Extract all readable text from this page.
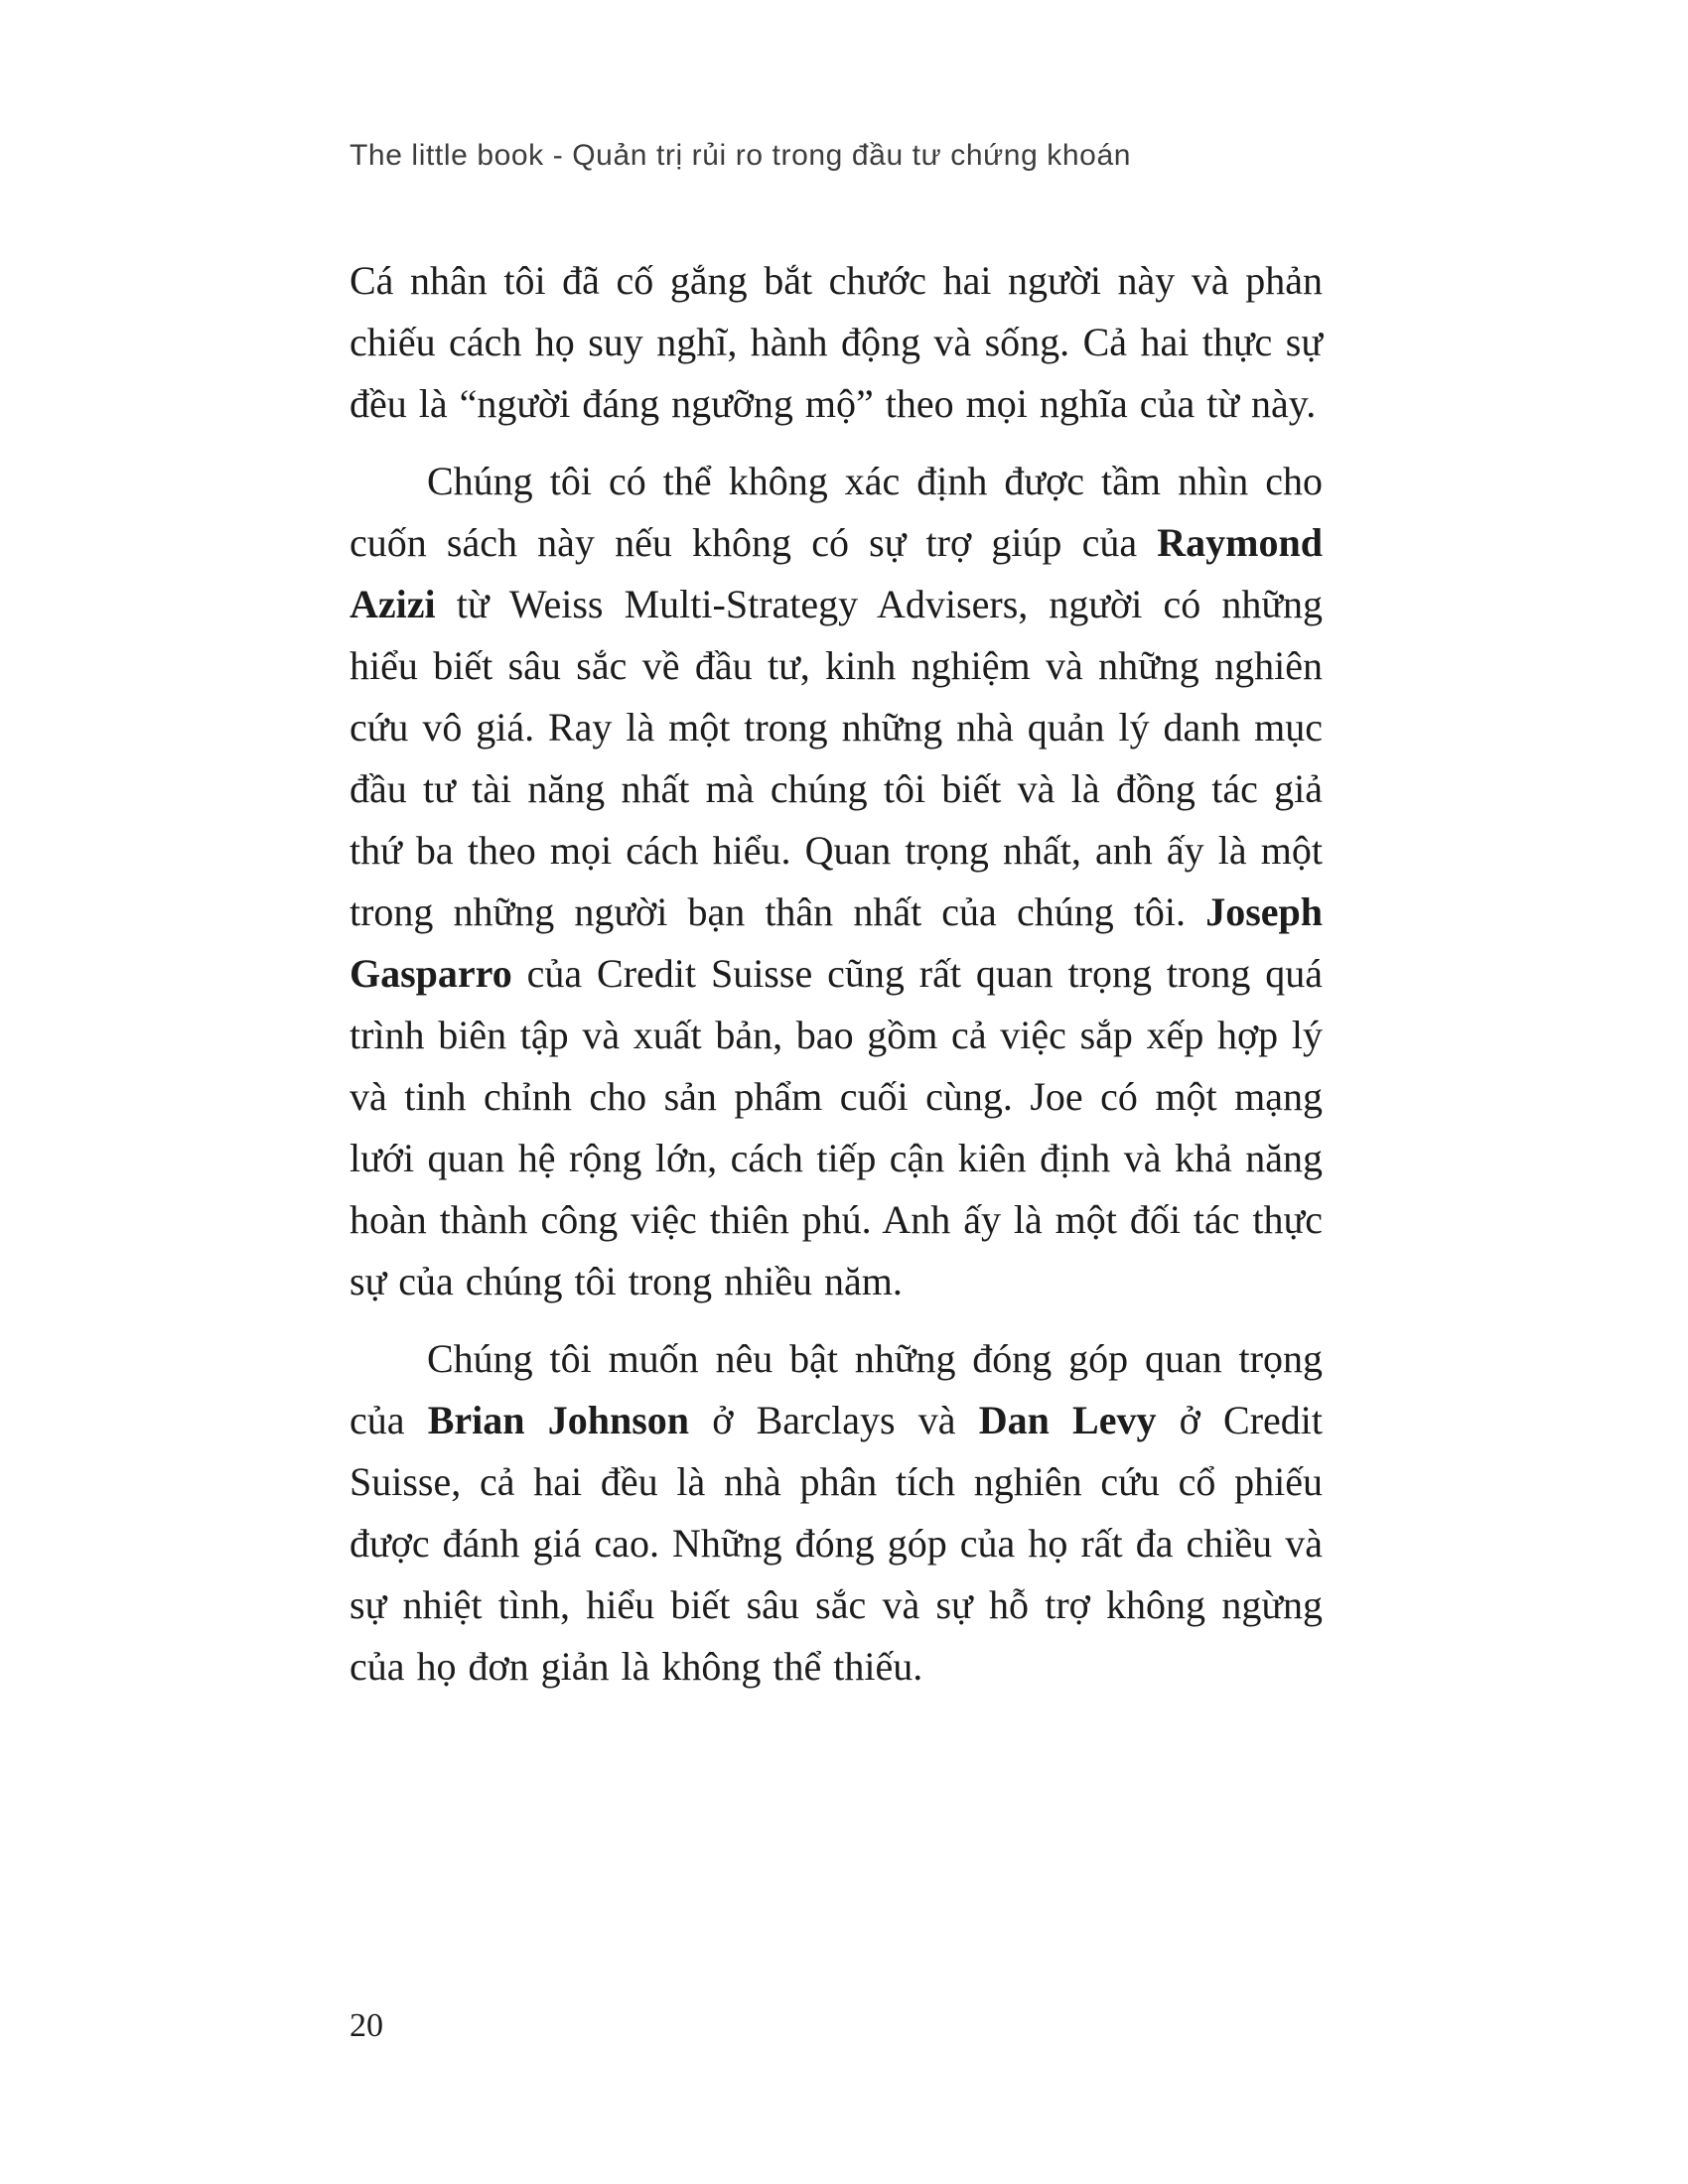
The little book - Quản trị rủi ro trong đầu tư chứng khoán

Cá nhân tôi đã cố gắng bắt chước hai người này và phản chiếu cách họ suy nghĩ, hành động và sống. Cả hai thực sự đều là “người đáng ngưỡng mộ” theo mọi nghĩa của từ này.

Chúng tôi có thể không xác định được tầm nhìn cho cuốn sách này nếu không có sự trợ giúp của Raymond Azizi từ Weiss Multi-Strategy Advisers, người có những hiểu biết sâu sắc về đầu tư, kinh nghiệm và những nghiên cứu vô giá. Ray là một trong những nhà quản lý danh mục đầu tư tài năng nhất mà chúng tôi biết và là đồng tác giả thứ ba theo mọi cách hiểu. Quan trọng nhất, anh ấy là một trong những người bạn thân nhất của chúng tôi. Joseph Gasparro của Credit Suisse cũng rất quan trọng trong quá trình biên tập và xuất bản, bao gồm cả việc sắp xếp hợp lý và tinh chỉnh cho sản phẩm cuối cùng. Joe có một mạng lưới quan hệ rộng lớn, cách tiếp cận kiên định và khả năng hoàn thành công việc thiên phú. Anh ấy là một đối tác thực sự của chúng tôi trong nhiều năm.

Chúng tôi muốn nêu bật những đóng góp quan trọng của Brian Johnson ở Barclays và Dan Levy ở Credit Suisse, cả hai đều là nhà phân tích nghiên cứu cổ phiếu được đánh giá cao. Những đóng góp của họ rất đa chiều và sự nhiệt tình, hiểu biết sâu sắc và sự hỗ trợ không ngừng của họ đơn giản là không thể thiếu.

20
